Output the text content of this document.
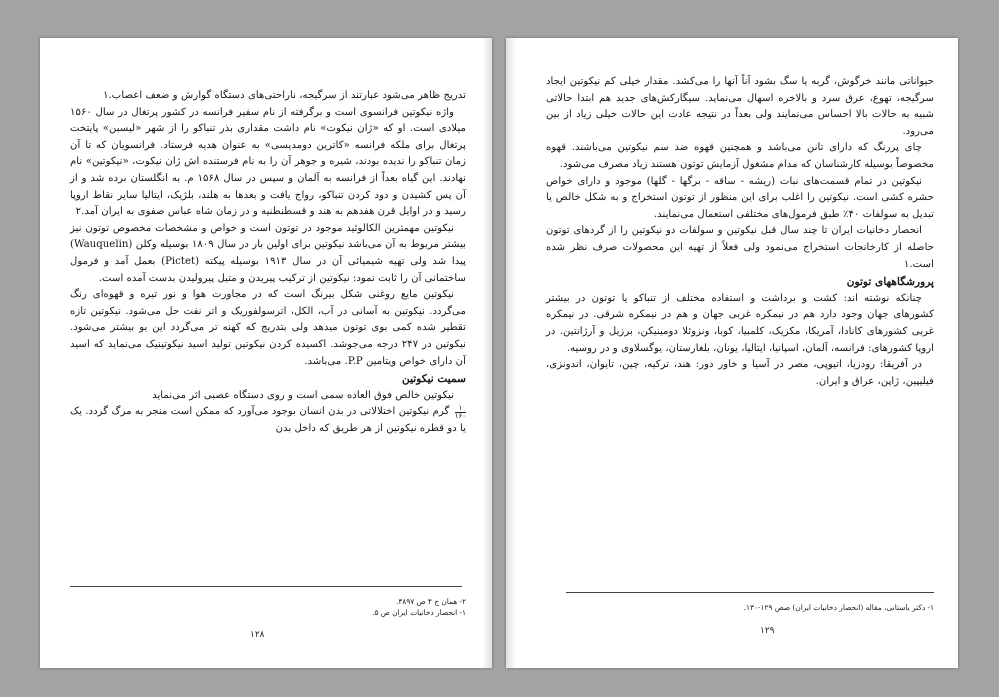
تدریج ظاهر می‌شود عبارتند از سرگیجه، ناراحتی‌های دستگاه گوارش و ضعف اعصاب.۱

واژه نیکوتین فرانسوی است و برگرفته از نام سفیر فرانسه در کشور پرتغال در سال ۱۵۶۰ میلادی است. او که «ژان نیکوت» نام داشت مقداری بذر تنباکو را از شهر «لیسبن» پایتخت پرتغال برای ملکه فرانسه «کاترین دومدیسی» به عنوان هدیه فرستاد. فرانسویان که تا آن زمان تنباکو را ندیده بودند، شیره و جوهر آن را به نام فرستنده اش ژان نیکوت، «نیکوتین» نام نهادند. این گیاه بعداً از فرانسه به آلمان و سپس در سال ۱۵۶۸ م. به انگلستان برده شد و از آن پس کشیدن و دود کردن تنباکو، رواج یافت و بعدها به هلند، بلژیک، ایتالیا سایر نقاط اروپا رسید و در اوایل قرن هفدهم به هند و قسطنطنیه و در زمان شاه عباس صفوی به ایران آمد.۲

نیکوتین مهمترین الکالوئید موجود در توتون است و خواص و مشخصات مخصوص توتون نیز بیشتر مربوط به آن می‌باشد نیکوتین برای اولین بار در سال ۱۸۰۹ بوسیله وکلن (Wauquelin) پیدا شد ولی تهیه شیمیائی آن در سال ۱۹۱۳ بوسیله پیکته (Pictet) بعمل آمد و فرمول ساختمانی آن را ثابت نمود: نیکوتین از ترکیب پیریدن و متیل پیرولیدن بدست آمده است.

نیکوتین مایع روغنی شکل بیرنگ است که در مجاورت هوا و نور تیره و قهوه‌ای رنگ می‌گردد. نیکوتین به آسانی در آب، الکل، اترسولفوریک و اتر نفت حل می‌شود. نیکوتین تازه تقطیر شده کمی بوی توتون میدهد ولی بتدریج که کهنه تر می‌گردد این بو بیشتر می‌شود. نیکوتین در ۲۴۷ درجه می‌جوشد. اکسیده کردن نیکوتین تولید اسید نیکوتینیک می‌نماید که اسید آن دارای خواص ویتامین P.P. می‌باشد.

سمیت نیکوتین

نیکوتین خالص فوق العاده سمی است و روی دستگاه عصبی اثر می‌نماید

$\frac{۱}{۱۶۰}$
گرم نیکوتین اختلالاتی در بدن انسان بوجود می‌آورد که ممکن است منجر به مرگ گردد. یک یا دو قطره نیکوتین از هر طریق که داخل بدن

۲- همان ج ۴ ص ۴۸۹۷.
۱- انحصار دخانیات ایران ص ۵.
۱۲۸

حیواناتی مانند خرگوش، گربه یا سگ بشود آناً آنها را می‌کشد. مقدار خیلی کم نیکوتین ایجاد سرگیجه، تهوع، عرق سرد و بالاخره اسهال می‌نماید. سیگارکش‌های جدید هم ابتدا حالاتی شبیه به حالات بالا احساس می‌نمایند ولی بعداً در نتیجه عادت این حالات خیلی زیاد از بین می‌رود.

چای پررنگ که دارای تانن می‌باشد و همچنین قهوه ضد سم نیکوتین می‌باشند. قهوه مخصوصاً بوسیله کارشناسان که مدام مشغول آزمایش توتون هستند زیاد مصرف می‌شود.

نیکوتین در تمام قسمت‌های نبات (ریشه - ساقه - برگها - گلها) موجود و دارای خواص حشره کشی است. نیکوتین را اغلب برای این منظور از توتون استخراج و به شکل خالص یا تبدیل به سولفات ۴۰٪ طبق فرمول‌های مختلفی استعمال می‌نمایند.

انحصار دخانیات ایران تا چند سال قبل نیکوتین و سولفات دو نیکوتین را از گردهای توتون حاصله از کارخانجات استخراج می‌نمود ولی فعلاً از تهیه این محصولات صرف نظر شده است.۱

پرورشگاههای توتون

چنانکه نوشته اند: کشت و برداشت و استفاده مختلف از تنباکو یا توتون در بیشتر کشورهای جهان وجود دارد هم در نیمکره غربی جهان و هم در نیمکره شرقی. در نیمکره غربی کشورهای کانادا، آمریکا، مکزیک، کلمبیا، کوبا، ونزوئلا دومینیکن، برزیل و آرژانتین. در اروپا کشورهای: فرانسه، آلمان، اسپانیا، ایتالیا، یونان، بلغارستان، یوگسلاوی و در روسیه.

در آفریقا: رودزیا، اتیوپی، مصر در آسیا و خاور دور: هند، ترکیه، چین، تایوان، اندونزی، فیلیپین، ژاپن، عراق و ایران.

۱- دکتر باستانی، مقاله (انحصار دخانیات ایران) صص ۱۲۹-۱۳۰.
۱۲۹
